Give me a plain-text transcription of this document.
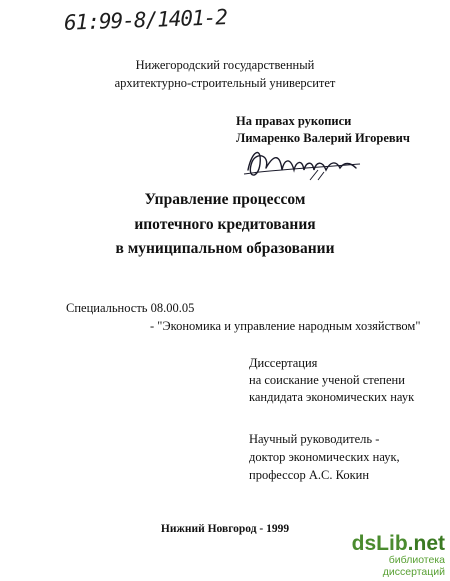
61:99-8/1401-2
Нижегородский государственный
архитектурно-строительный университет
На правах рукописи
Лимаренко Валерий Игоревич
Управление процессом
ипотечного кредитования
в муниципальном образовании
Специальность 08.00.05
- "Экономика и управление народным хозяйством"
Диссертация
на соискание ученой степени
кандидата экономических наук
Научный руководитель -
доктор экономических наук,
профессор А.С. Кокин
Нижний Новгород - 1999
dsLib.net
библиотека диссертаций
